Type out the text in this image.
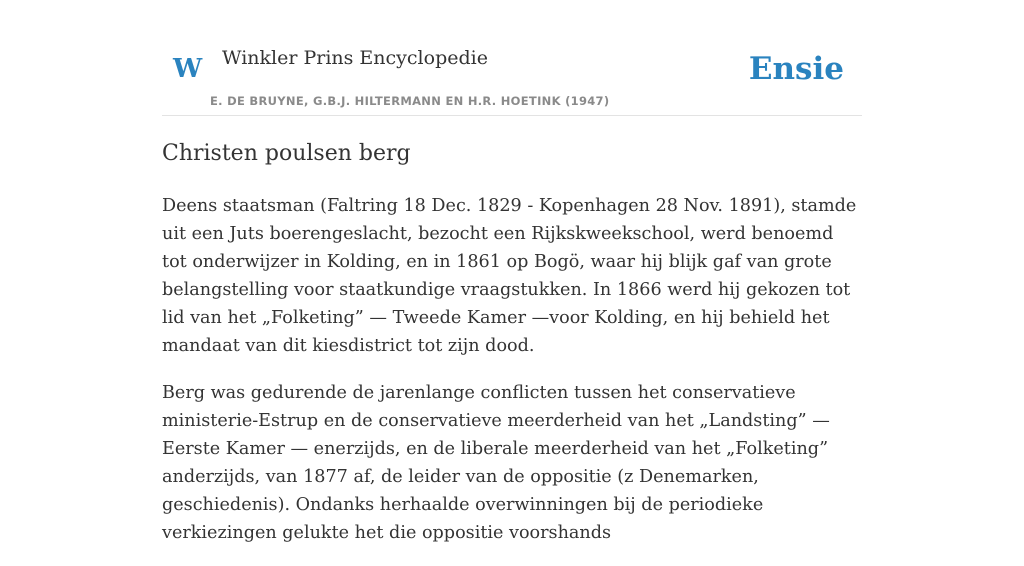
W Winkler Prins Encyclopedie
E. DE BRUYNE, G.B.J. HILTERMANN EN H.R. HOETINK (1947)
Ensie
Christen poulsen berg

Deens staatsman (Faltring 18 Dec. 1829 - Kopenhagen 28 Nov. 1891), stamde uit een Juts boerengeslacht, bezocht een Rijkskweekschool, werd benoemd tot onderwijzer in Kolding, en in 1861 op Bogö, waar hij blijk gaf van grote belangstelling voor staatkundige vraagstukken. In 1866 werd hij gekozen tot lid van het „Folketing” — Tweede Kamer —voor Kolding, en hij behield het mandaat van dit kiesdistrict tot zijn dood.

Berg was gedurende de jarenlange conflicten tussen het conservatieve ministerie-Estrup en de conservatieve meerderheid van het „Landsting” — Eerste Kamer — enerzijds, en de liberale meerderheid van het „Folketing” anderzijds, van 1877 af, de leider van de oppositie (z Denemarken, geschiedenis). Ondanks herhaalde overwinningen bij de periodieke verkiezingen gelukte het die oppositie voorshands
